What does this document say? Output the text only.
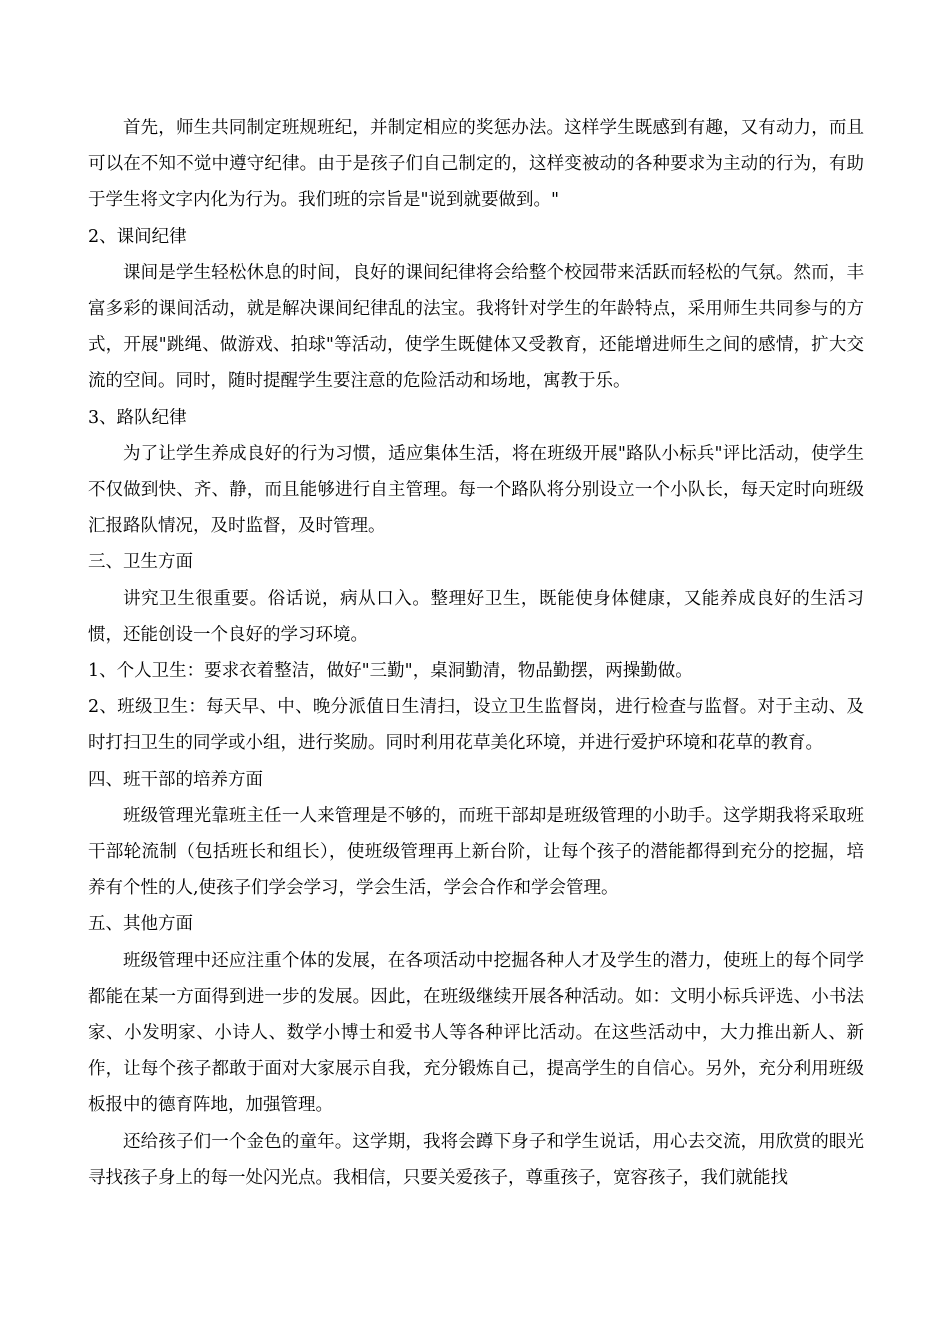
首先，师生共同制定班规班纪，并制定相应的奖惩办法。这样学生既感到有趣，又有动力，而且可以在不知不觉中遵守纪律。由于是孩子们自己制定的，这样变被动的各种要求为主动的行为，有助于学生将文字内化为行为。我们班的宗旨是"说到就要做到。"

2、课间纪律

课间是学生轻松休息的时间，良好的课间纪律将会给整个校园带来活跃而轻松的气氛。然而，丰富多彩的课间活动，就是解决课间纪律乱的法宝。我将针对学生的年龄特点，采用师生共同参与的方式，开展"跳绳、做游戏、拍球"等活动，使学生既健体又受教育，还能增进师生之间的感情，扩大交流的空间。同时，随时提醒学生要注意的危险活动和场地，寓教于乐。

3、路队纪律

为了让学生养成良好的行为习惯，适应集体生活，将在班级开展"路队小标兵"评比活动，使学生不仅做到快、齐、静，而且能够进行自主管理。每一个路队将分别设立一个小队长，每天定时向班级汇报路队情况，及时监督，及时管理。

三、卫生方面

讲究卫生很重要。俗话说，病从口入。整理好卫生，既能使身体健康，又能养成良好的生活习惯，还能创设一个良好的学习环境。

1、个人卫生：要求衣着整洁，做好"三勤"，桌洞勤清，物品勤摆，两操勤做。

2、班级卫生：每天早、中、晚分派值日生清扫，设立卫生监督岗，进行检查与监督。对于主动、及时打扫卫生的同学或小组，进行奖励。同时利用花草美化环境，并进行爱护环境和花草的教育。

四、班干部的培养方面

班级管理光靠班主任一人来管理是不够的，而班干部却是班级管理的小助手。这学期我将采取班干部轮流制（包括班长和组长），使班级管理再上新台阶，让每个孩子的潜能都得到充分的挖掘，培养有个性的人,使孩子们学会学习，学会生活，学会合作和学会管理。

五、其他方面

班级管理中还应注重个体的发展，在各项活动中挖掘各种人才及学生的潜力，使班上的每个同学都能在某一方面得到进一步的发展。因此，在班级继续开展各种活动。如：文明小标兵评选、小书法家、小发明家、小诗人、数学小博士和爱书人等各种评比活动。在这些活动中，大力推出新人、新作，让每个孩子都敢于面对大家展示自我，充分锻炼自己，提高学生的自信心。另外，充分利用班级板报中的德育阵地，加强管理。

还给孩子们一个金色的童年。这学期，我将会蹲下身子和学生说话，用心去交流，用欣赏的眼光寻找孩子身上的每一处闪光点。我相信，只要关爱孩子，尊重孩子，宽容孩子，我们就能找
